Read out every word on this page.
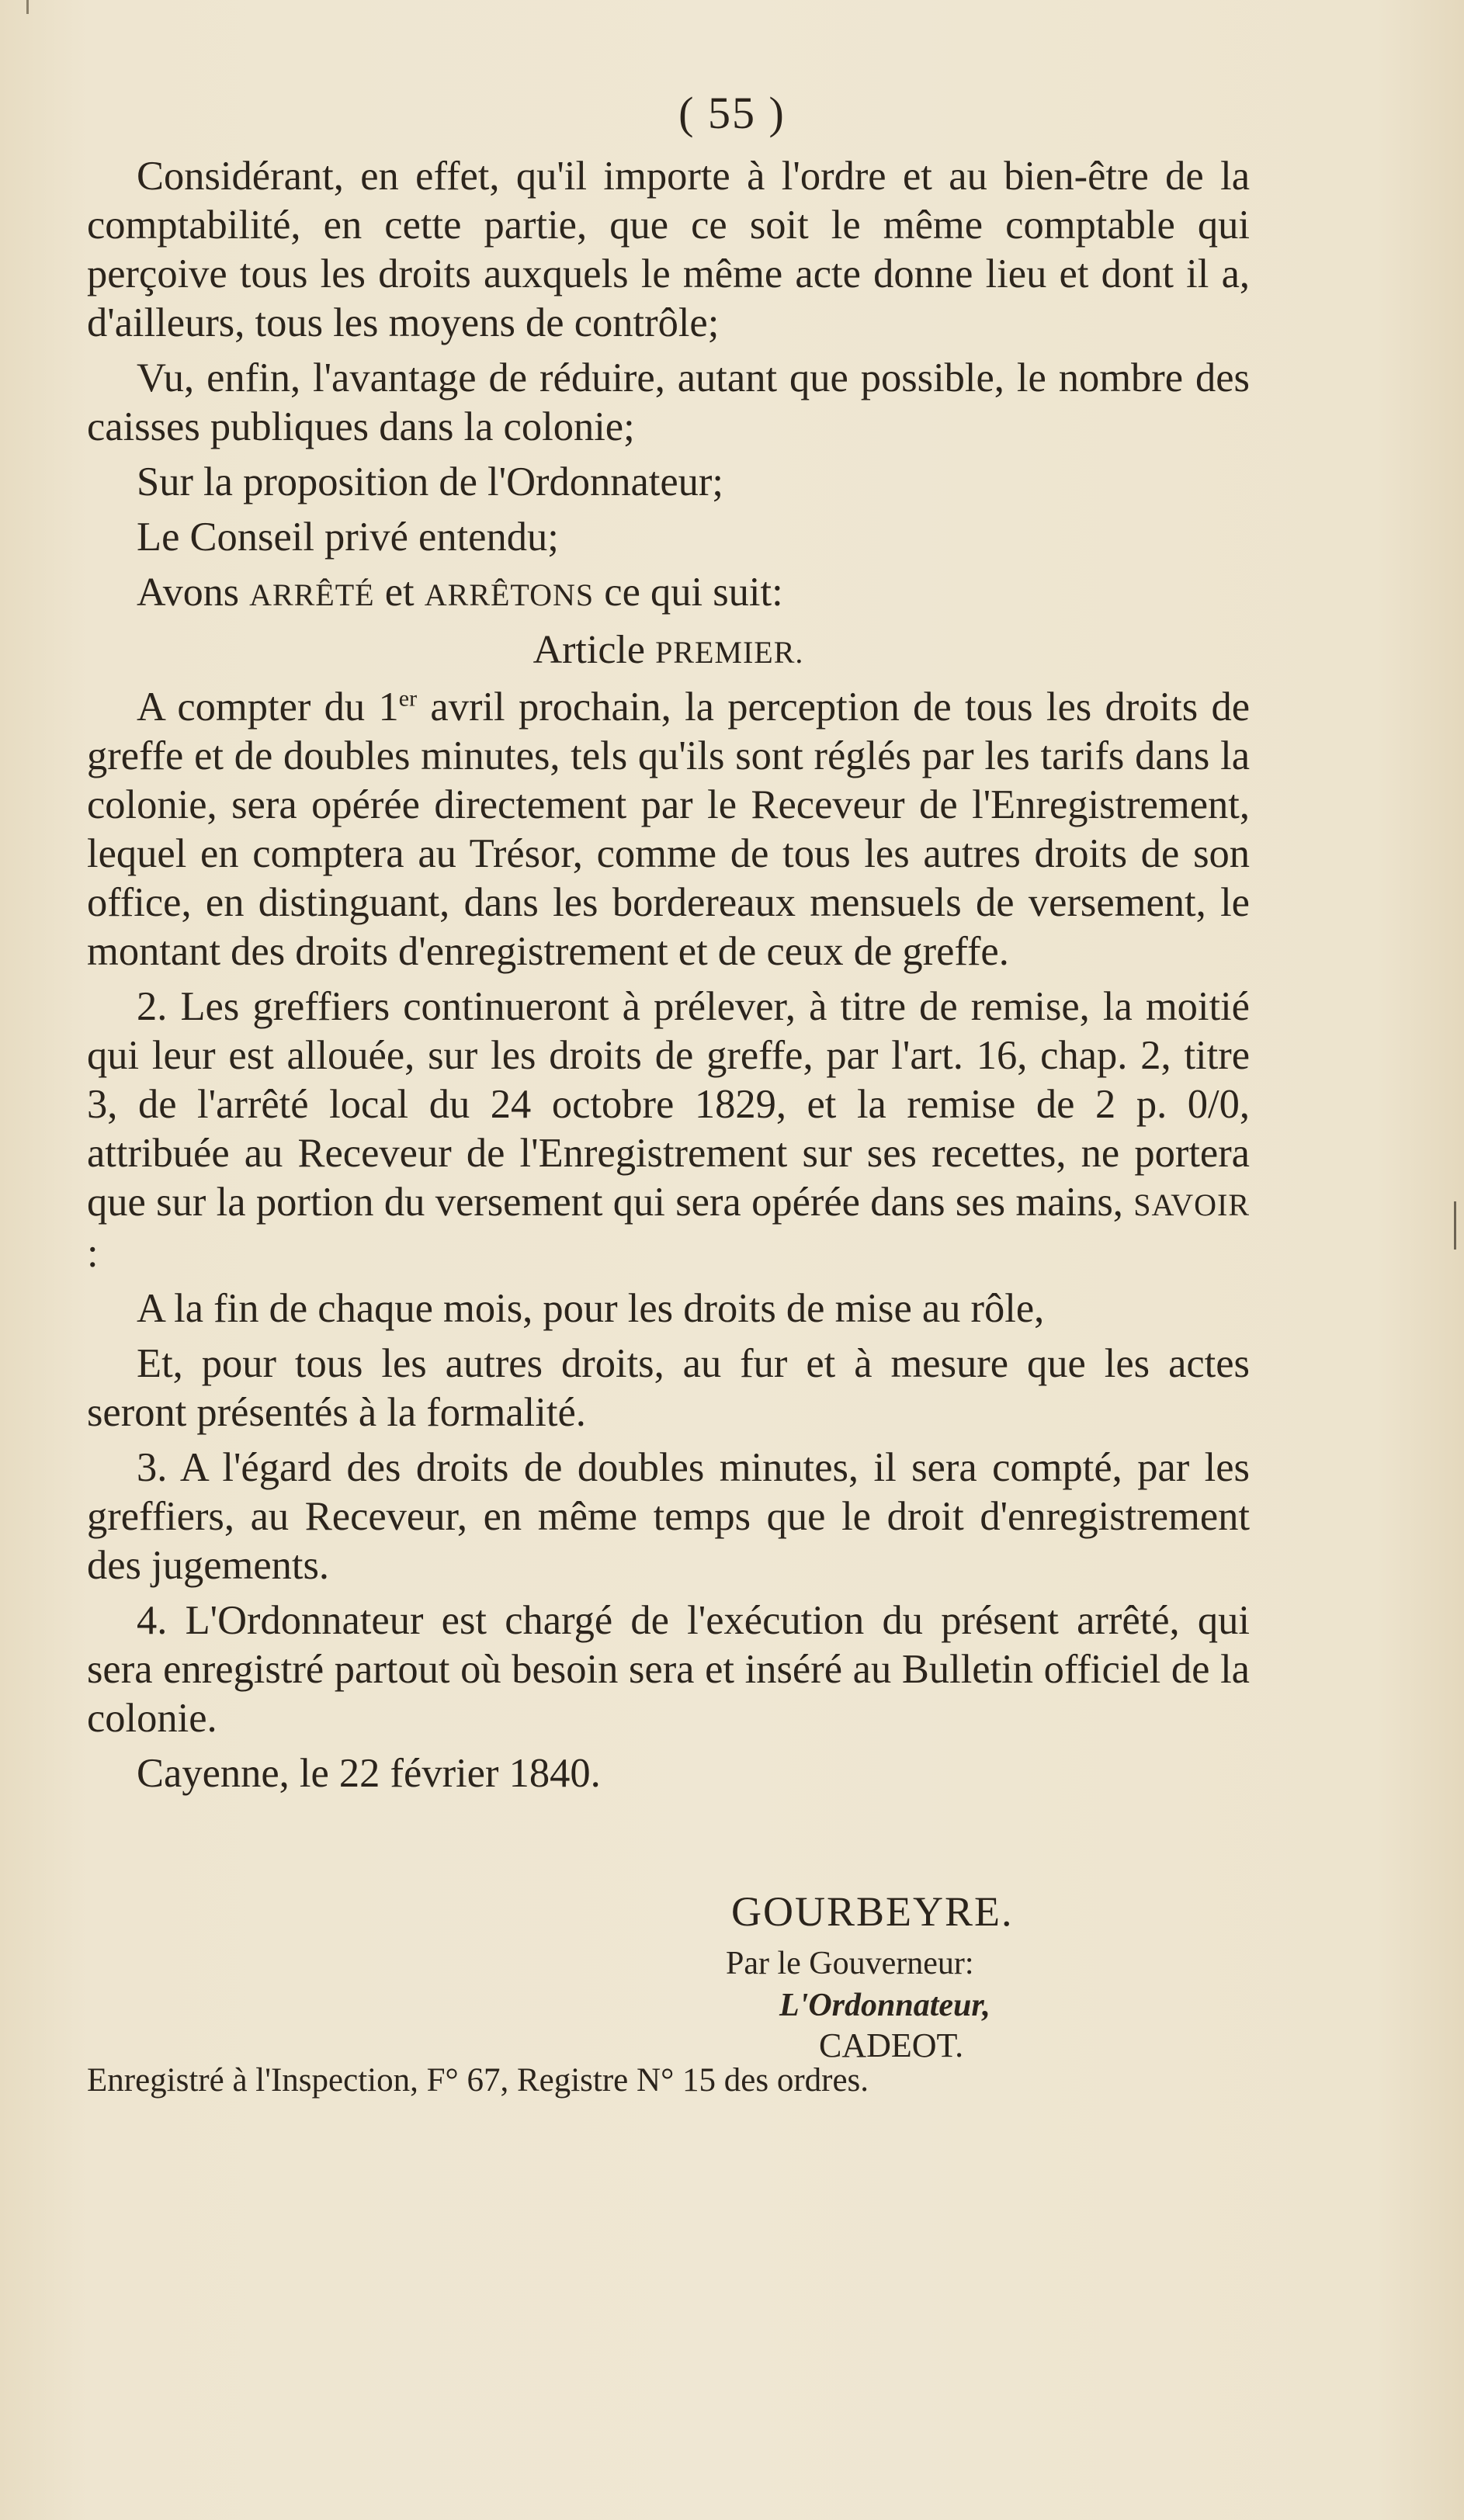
( 55 )

Considérant, en effet, qu'il importe à l'ordre et au bien-être de la comptabilité, en cette partie, que ce soit le même comptable qui perçoive tous les droits auxquels le même acte donne lieu et dont il a, d'ailleurs, tous les moyens de contrôle;

Vu, enfin, l'avantage de réduire, autant que possible, le nombre des caisses publiques dans la colonie;

Sur la proposition de l'Ordonnateur;

Le Conseil privé entendu;

Avons ARRÊTÉ et ARRÊTONS ce qui suit:

Article PREMIER.

A compter du 1er avril prochain, la perception de tous les droits de greffe et de doubles minutes, tels qu'ils sont réglés par les tarifs dans la colonie, sera opérée directement par le Receveur de l'Enregistrement, lequel en comptera au Trésor, comme de tous les autres droits de son office, en distinguant, dans les bordereaux mensuels de versement, le montant des droits d'enregistrement et de ceux de greffe.

2. Les greffiers continueront à prélever, à titre de remise, la moitié qui leur est allouée, sur les droits de greffe, par l'art. 16, chap. 2, titre 3, de l'arrêté local du 24 octobre 1829, et la remise de 2 p. 0/0, attribuée au Receveur de l'Enregistrement sur ses recettes, ne portera que sur la portion du versement qui sera opérée dans ses mains, SAVOIR :

A la fin de chaque mois, pour les droits de mise au rôle,

Et, pour tous les autres droits, au fur et à mesure que les actes seront présentés à la formalité.

3. A l'égard des droits de doubles minutes, il sera compté, par les greffiers, au Receveur, en même temps que le droit d'enregistrement des jugements.

4. L'Ordonnateur est chargé de l'exécution du présent arrêté, qui sera enregistré partout où besoin sera et inséré au Bulletin officiel de la colonie.

Cayenne, le 22 février 1840.

GOURBEYRE.
Par le Gouverneur:
L'Ordonnateur,
CADEOT.
Enregistré à l'Inspection, F° 67, Registre N° 15 des ordres.
